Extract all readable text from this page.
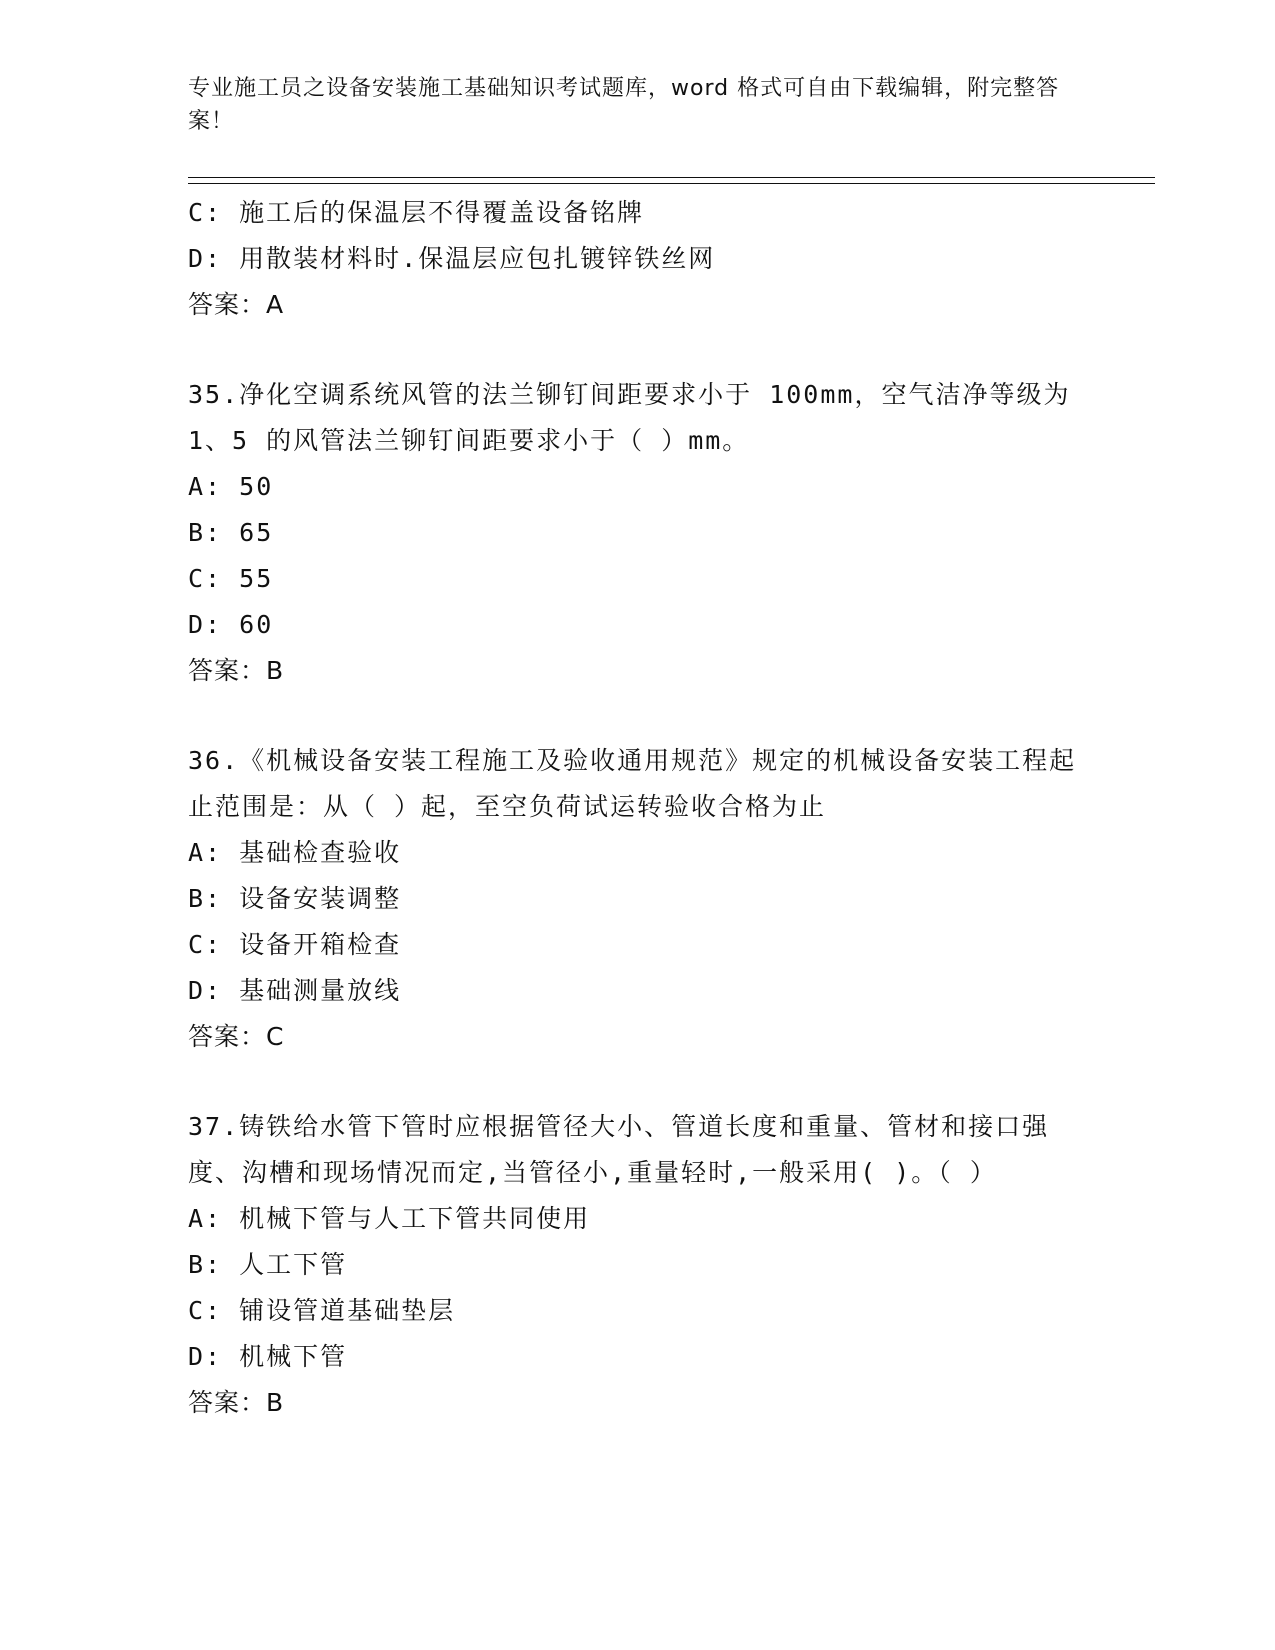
专业施工员之设备安装施工基础知识考试题库，word 格式可自由下载编辑，附完整答案！
C: 施工后的保温层不得覆盖设备铭牌
D: 用散装材料时.保温层应包扎镀锌铁丝网
答案：A
35.净化空调系统风管的法兰铆钉间距要求小于 100mm，空气洁净等级为 1、5 的风管法兰铆钉间距要求小于（ ）mm。
A: 50
B: 65
C: 55
D: 60
答案：B
36.《机械设备安装工程施工及验收通用规范》规定的机械设备安装工程起止范围是：从（ ）起，至空负荷试运转验收合格为止
A: 基础检查验收
B: 设备安装调整
C: 设备开箱检查
D: 基础测量放线
答案：C
37.铸铁给水管下管时应根据管径大小、管道长度和重量、管材和接口强度、沟槽和现场情况而定,当管径小,重量轻时,一般采用( )。（ ）
A: 机械下管与人工下管共同使用
B: 人工下管
C: 铺设管道基础垫层
D: 机械下管
答案：B
